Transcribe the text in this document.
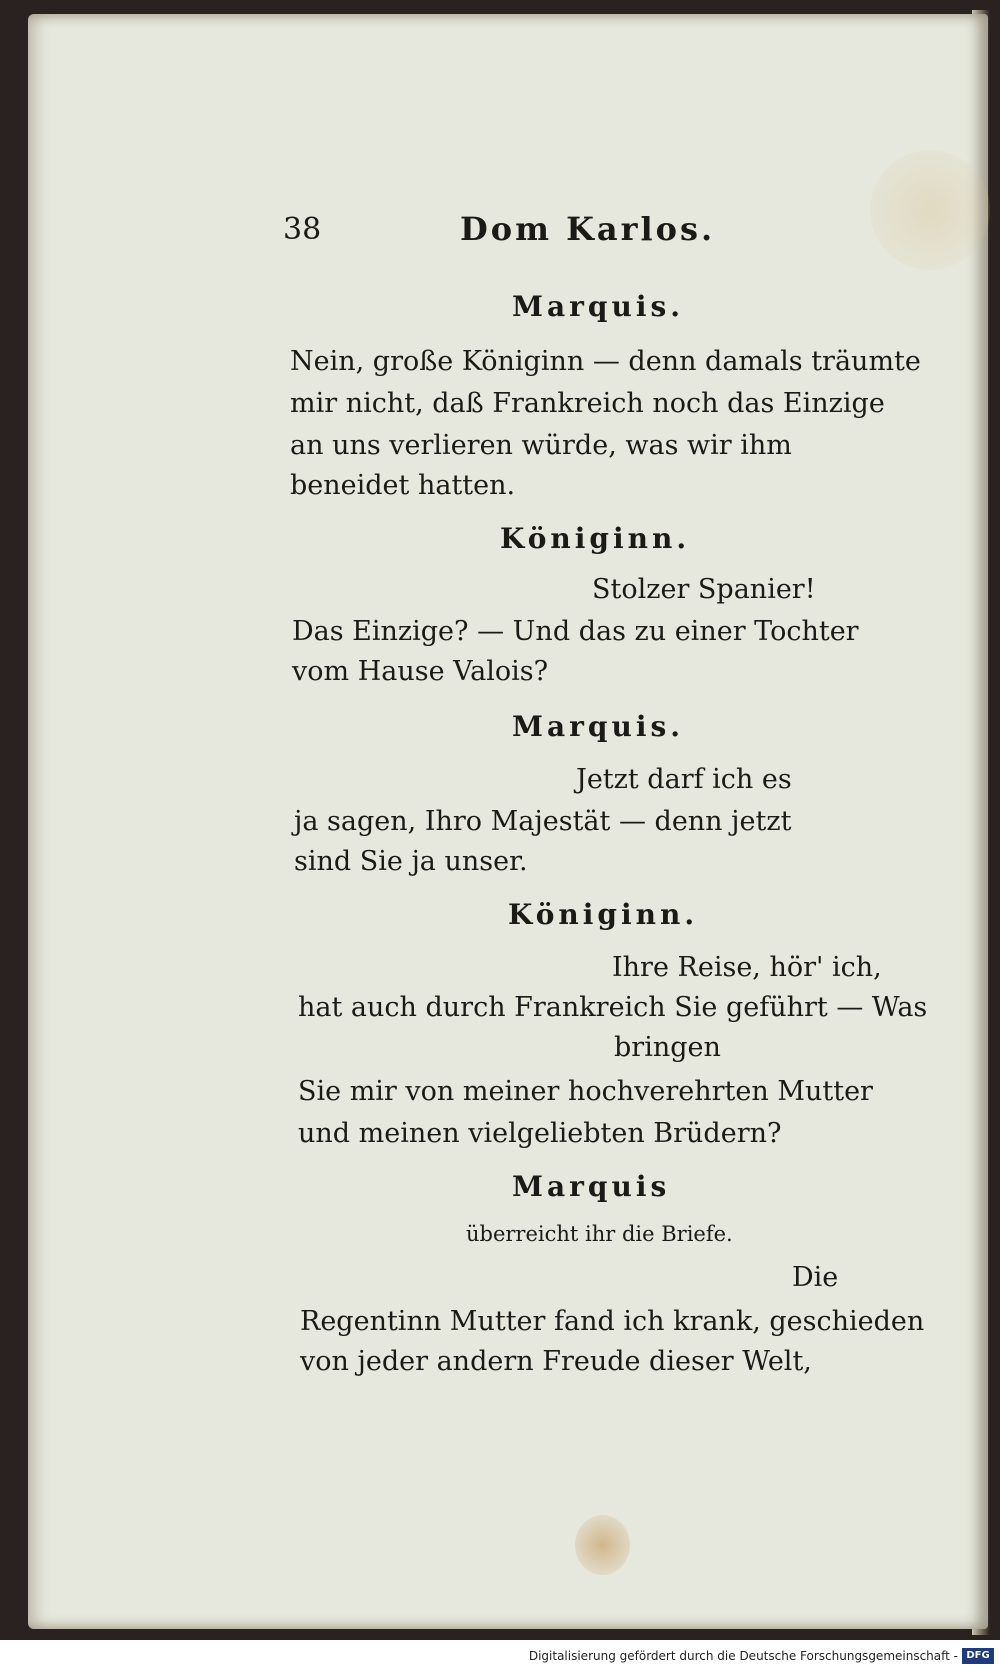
38	Dom Karlos.
Marquis.
Nein, große Königinn — denn damals träumte
mir nicht, daß Frankreich noch das Einzige
an uns verlieren würde, was wir ihm
beneidet hatten.
Königinn.
Stolzer Spanier!
Das Einzige? — Und das zu einer Tochter
vom Hause Valois?
Marquis.
Jetzt darf ich es
ja sagen, Ihro Majestät — denn jetzt
sind Sie ja unser.
Königinn.
Ihre Reise, hör' ich,
hat auch durch Frankreich Sie geführt — Was
bringen
Sie mir von meiner hochverehrten Mutter
und meinen vielgeliebten Brüdern?
Marquis
überreicht ihr die Briefe.
Die
Regentinn Mutter fand ich krank, geschieden
von jeder andern Freude dieser Welt,
Digitalisierung gefördert durch die Deutsche Forschungsgemeinschaft - DFG
